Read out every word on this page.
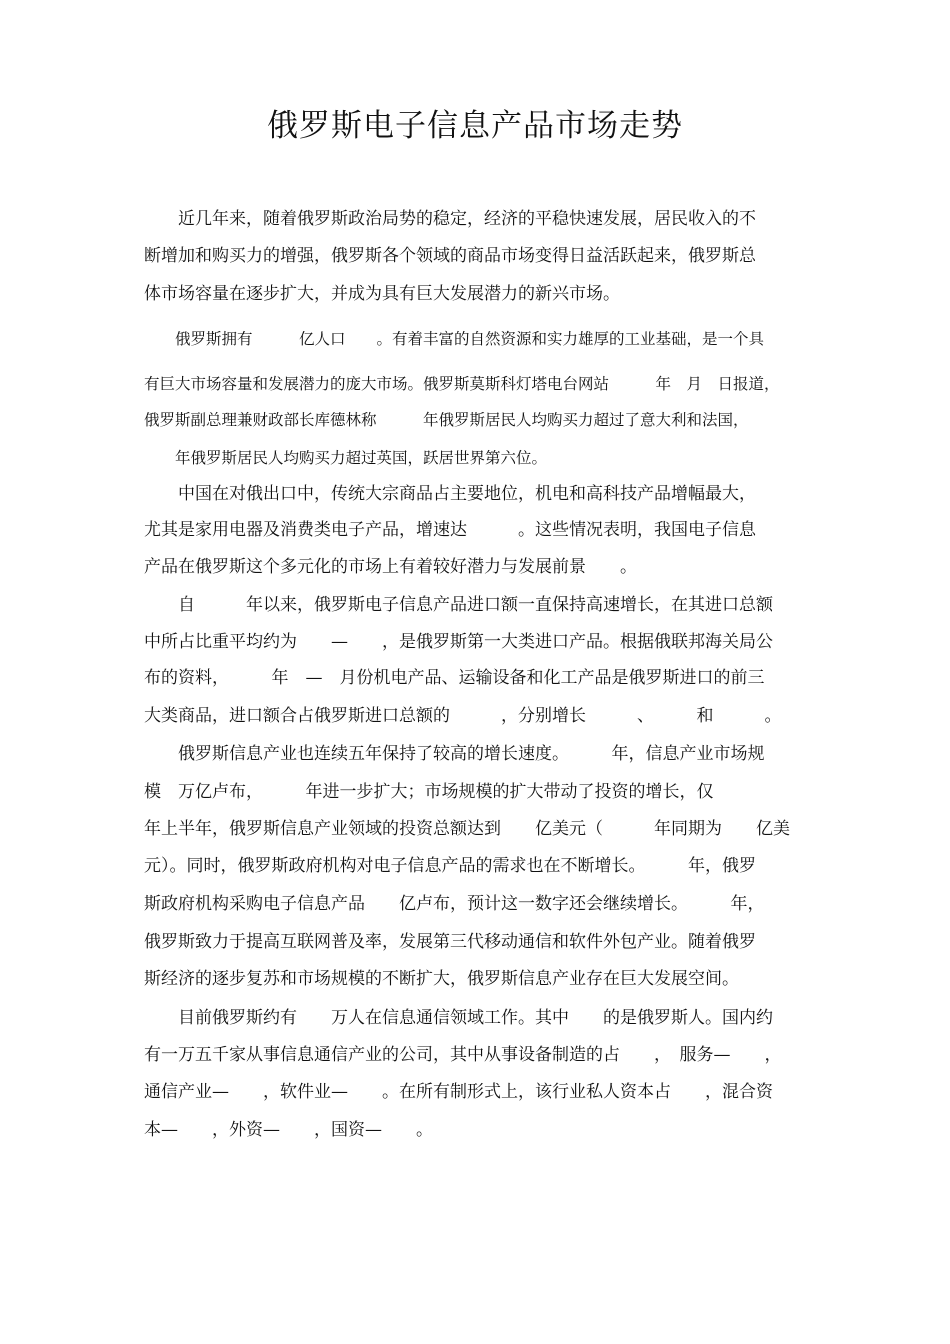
俄罗斯电子信息产品市场走势
　　近几年来，随着俄罗斯政治局势的稳定，经济的平稳快速发展，居民收入的不
断增加和购买力的增强，俄罗斯各个领域的商品市场变得日益活跃起来，俄罗斯总
体市场容量在逐步扩大，并成为具有巨大发展潜力的新兴市场。
　　俄罗斯拥有　　　亿人口　　。有着丰富的自然资源和实力雄厚的工业基础，是一个具
有巨大市场容量和发展潜力的庞大市场。俄罗斯莫斯科灯塔电台网站　　　年　月　日报道，
俄罗斯副总理兼财政部长库德林称　　　年俄罗斯居民人均购买力超过了意大利和法国，
　　年俄罗斯居民人均购买力超过英国，跃居世界第六位。
　　中国在对俄出口中，传统大宗商品占主要地位，机电和高科技产品增幅最大，
尤其是家用电器及消费类电子产品，增速达　　　。这些情况表明，我国电子信息
产品在俄罗斯这个多元化的市场上有着较好潜力与发展前景　　。
　　自　　　年以来，俄罗斯电子信息产品进口额一直保持高速增长，在其进口总额
中所占比重平均约为　　—　　，是俄罗斯第一大类进口产品。根据俄联邦海关局公
布的资料，　　　年　—　月份机电产品、运输设备和化工产品是俄罗斯进口的前三
大类商品，进口额合占俄罗斯进口总额的　　　，分别增长　　　、　　　和　　　。
　　俄罗斯信息产业也连续五年保持了较高的增长速度。　　　年，信息产业市场规
模　万亿卢布，　　　年进一步扩大；市场规模的扩大带动了投资的增长，仅
年上半年，俄罗斯信息产业领域的投资总额达到　　亿美元（　　　年同期为　　亿美
元）。同时，俄罗斯政府机构对电子信息产品的需求也在不断增长。　　　年，俄罗
斯政府机构采购电子信息产品　　亿卢布，预计这一数字还会继续增长。　　　年，
俄罗斯致力于提高互联网普及率，发展第三代移动通信和软件外包产业。随着俄罗
斯经济的逐步复苏和市场规模的不断扩大，俄罗斯信息产业存在巨大发展空间。
　　目前俄罗斯约有　　万人在信息通信领域工作。其中　　的是俄罗斯人。国内约
有一万五千家从事信息通信产业的公司，其中从事设备制造的占　　，　服务—　　，
通信产业—　　，软件业—　　。在所有制形式上，该行业私人资本占　　，混合资
本—　　，外资—　　，国资—　　。
